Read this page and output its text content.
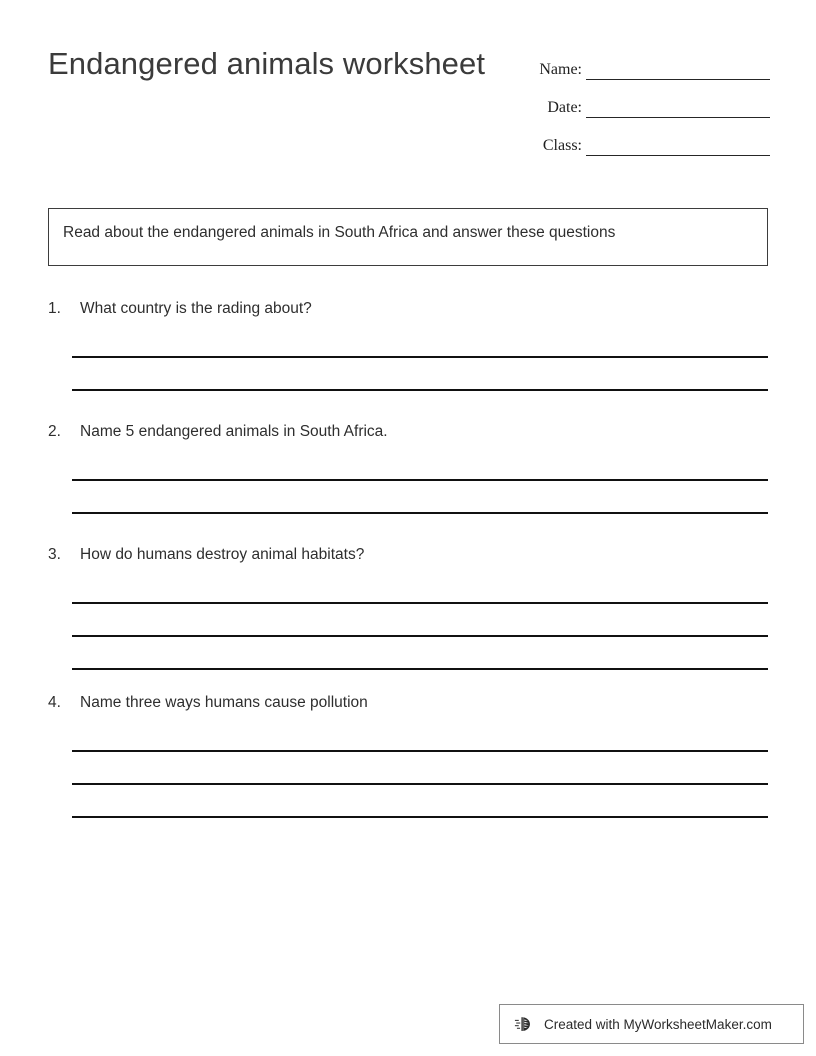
Endangered animals worksheet	Name:
Date:
Class:
Read about the endangered animals in South Africa and answer these questions
1.	What country is the rading about?
2.	Name 5 endangered animals in South Africa.
3.	How do humans destroy animal habitats?
4.	Name three ways humans cause pollution
Created with MyWorksheetMaker.com
